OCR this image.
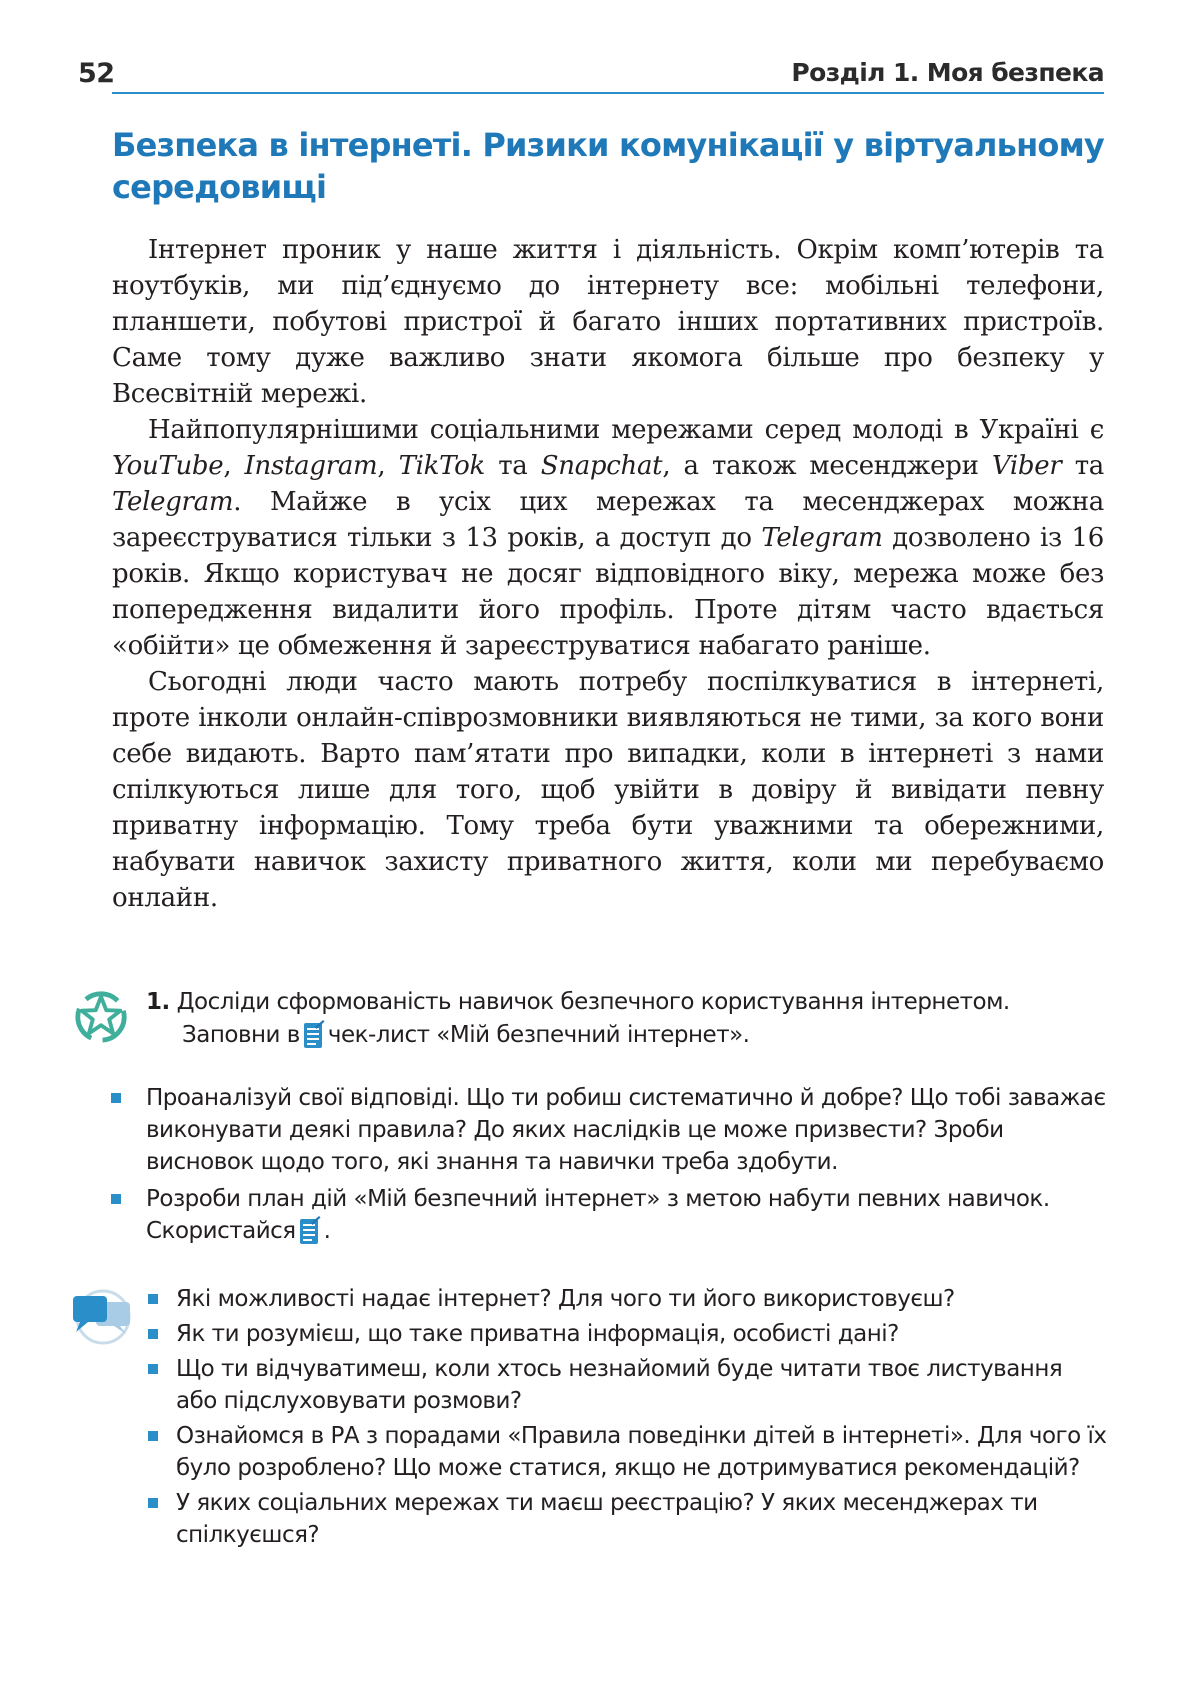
52	Розділ 1. Моя безпека
Безпека в інтернеті. Ризики комунікації у віртуальному середовищі

Інтернет проник у наше життя і діяльність. Окрім комп’ютерів та ноутбуків, ми під’єднуємо до інтернету все: мобільні телефони, планшети, побутові пристрої й багато інших портативних пристроїв. Саме тому дуже важливо знати якомога більше про безпеку у Всесвітній мережі.

Найпопулярнішими соціальними мережами серед молоді в Україні є YouTube, Instagram, TikTok та Snapchat, а також месенджери Viber та Telegram. Майже в усіх цих мережах та месенджерах можна зареєструватися тільки з 13 років, а доступ до Telegram дозволено із 16 років. Якщо користувач не досяг відповідного віку, мережа може без попередження видалити його профіль. Проте дітям часто вдається «обійти» це обмеження й зареєструватися набагато раніше.

Сьогодні люди часто мають потребу поспілкуватися в інтернеті, проте інколи онлайн-співрозмовники виявляються не тими, за кого вони себе видають. Варто пам’ятати про випадки, коли в інтернеті з нами спілкуються лише для того, щоб увійти в довіру й вивідати певну приватну інформацію. Тому треба бути уважними та обережними, набувати навичок захисту приватного життя, коли ми перебуваємо онлайн.

1. Досліди сформованість навичок безпечного користування інтернетом.
Заповни в чек-лист «Мій безпечний інтернет».
Проаналізуй свої відповіді. Що ти робиш систематично й добре? Що тобі заважає виконувати деякі правила? До яких наслідків це може призвести? Зроби висновок щодо того, які знання та навички треба здобути.
Розроби план дій «Мій безпечний інтернет» з метою набути певних навичок. Скористайся .
Які можливості надає інтернет? Для чого ти його використовуєш?
Як ти розумієш, що таке приватна інформація, особисті дані?
Що ти відчуватимеш, коли хтось незнайомий буде читати твоє листування або підслуховувати розмови?
Ознайомся в РА з порадами «Правила поведінки дітей в інтернеті». Для чого їх було розроблено? Що може статися, якщо не дотримуватися рекомендацій?
У яких соціальних мережах ти маєш реєстрацію? У яких месенджерах ти спілкуєшся?
